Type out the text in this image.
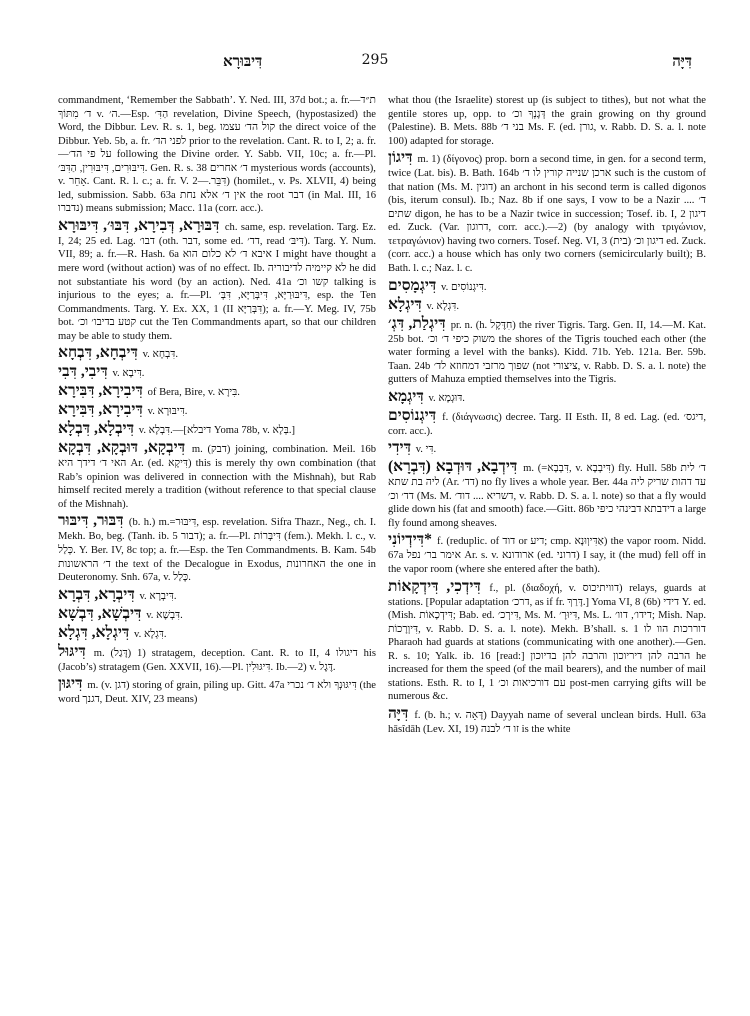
דִּיבּוּרָא	295	דִּיָּה

commandment, ‘Remember the Sabbath’. Y. Ned. III, 37d bot.; a. fr.—‎ת״ד‎ מִתּוֹךְ‎ ד׳‎ v. ‎ה׳.—Esp. הַדִּ׳ revelation, Divine Speech, (hypostasized) the Word, the Dibbur. Lev. R. s. 1, beg. קול הד׳ עצמו the direct voice of the Dibbur. Yeb. 5b, a. fr. לפני הד׳ prior to the revelation. Cant. R. to I, 2; a. fr.—על פי הד׳ following the Divine order. Y. Sabb. VII, 10c; a. fr.—Pl. דִּיבּוּרִים, דִּיבּוּרִין, הַדִּבּ׳. Gen. R. s. 38 ד׳ אחרים mysterious words (accounts), v. אָחֵר. Cant. R. l. c.; a. fr. V. דִּבֵּר.—2) (homilet., v. Ps. XLVII, 4) being led, submission. Sabb. 63a אין ד׳ אלא נחת the root דבר (in Mal. III, 16 נדברו) means submission; Macc. 11a (corr. acc.).

דִּבּוּרָא, דְּבִירָא, דִּבּוּ׳, דִּיבּוּרָא ch. same, esp. revelation. Targ. Ez. I, 24; 25 ed. Lag. דבו׳ (oth. דבר, some ed. דד׳, read דִּיבּ׳). Targ. Y. Num. VII, 89; a. fr.—R. Hash. 6a איבא ד׳ לא כלום הוא I might have thought a mere word (without action) was of no effect. Ib. לא קיימיה לדיבוריה he did not substantiate his word (by an action). Ned. 41a קשו וכ׳ talking is injurious to the eyes; a. fr.—Pl. דִּיבּוּרַיָּא, דִּיבְּרַיָּא, דִּבְּ׳, esp. the Ten Commandments. Targ. Y. Ex. XX, 1 (II דִּבְּרַיָּא); a. fr.—Y. Meg. IV, 75b bot. קטע בדיבו׳ וכ׳ cut the Ten Commandments apart, so that our children may be able to study them.

דִּיבְחָא, דִּבְחָא v. דִּבְחָא.

דִּיבִי, דִּבִי v. דִּיבָא.

דִּיבִירָא, דִּבִּירָא of Bera, Bire, v. בִּירָא.

דִּיבִירָא, דִּבִּירָא v. דִּיבּוּרָא.

דִּיבְלָא, דִּבְלָא v. דִּבְלָא.—[דיבלא Yoma 78b, v. בְּלָא.]

דִּיבְקָא, דּוּבְקָא, דִּבְקָא m. (דבק) joining, combination. Meil. 16b האי ד׳ דידך היא Ar. (ed. דִּיקָא) this is merely thy own combination (that Rab’s opinion was delivered in connection with the Mishnah), but Rab himself recited merely a tradition (without reference to that special clause of the Mishnah).

דִּבּוּר, דִּיבּוּר (b. h.) m.=דִּיבּוּר, esp. revelation. Sifra Thazr., Neg., ch. I. Mekh. Bo, beg. (Tanh. ib. 5 דבור); a. fr.—Pl. דִּיבְּרוֹת (fem.). Mekh. l. c., v. כְּלַל. Y. Ber. IV, 8c top; a. fr.—Esp. the Ten Commandments. B. Kam. 54b ד׳ הראשונות the text of the Decalogue in Exodus, האחרונות the one in Deuteronomy. Snh. 67a, v. כָּלַל.

דִּיבְרָא, דִּבְרָא v. דִּיבְרָא.

דִּיבְשָׁא, דִּבְשָׁא v. דִּבְשָׁא.

דִּיגְלָא, דִּגְלָא v. דִּגְלָא.

דִּיגּוּל m. (דָּגַל) 1) stratagem, deception. Cant. R. to II, 4 דיגולו his (Jacob’s) stratagem (Gen. XXVII, 16).—Pl. דִּיגּוּלִין. Ib.—2) v. דֶּגֶל.

דִּיגּוּן m. (v. דגן) storing of grain, piling up. Gitt. 47a דִּיגּוּנְךָ ולא ד׳ נכרי (the word דגנך, Deut. XIV, 23 means)

what thou (the Israelite) storest up (is subject to tithes), but not what the gentile stores up, opp. to דְּגָנְךָ וכ׳ the grain growing on thy ground (Palestine). B. Mets. 88b בני ד׳ Ms. F. (ed. גורן, v. Rabb. D. S. a. l. note 100) adapted for storage.

דִּיגוֹן m. 1) (δίγονος) prop. born a second time, in gen. for a second term, twice (Lat. bis). B. Bath. 164b ארכן שנייה קורין לו ד׳ such is the custom of that nation (Ms. M. דוגין) an archont in his second term is called digonos (bis, iterum consul). Ib.; Naz. 8b if one says, I vow to be a Nazir .... ד׳ שתים digon, he has to be a Nazir twice in succession; Tosef. ib. I, 2 דיגון ed. Zuck. (Var. דרוגון, corr. acc.).—2) (by analogy with τριγώνιον, τετραγώνιον) having two corners. Tosef. Neg. VI, 3 (בית) דיגון וכ׳ ed. Zuck. (corr. acc.) a house which has only two corners (semicircularly built); B. Bath. l. c.; Naz. l. c.

דִּיגְמָסִים v. דִּיגְנוֹסִים.

דִּיגְלָא v. דִּגְלָא.

דִּיגְלַת, דִּגְ׳ pr. n. (h. חִדֶּקֶל) the river Tigris. Targ. Gen. II, 14.—M. Kat. 25b bot. משוק כיפי ד׳ וכ׳ the shores of the Tigris touched each other (the water forming a level with the banks). Kidd. 71b. Yeb. 121a. Ber. 59b. Taan. 24b שפוך מרזבי דמחוזא לד׳ (not ציצורי, v. Rabb. D. S. a. l. note) the gutters of Mahuza emptied themselves into the Tigris.

דִּיגְמָא v. דּוּגְמָא.

דִּיגְנוֹסִים f. (διάγνωσις) decree. Targ. II Esth. II, 8 ed. Lag. (ed. דיגס׳, corr. acc.).

דִּידִי v. דִּי.

דִּידְבָא, דּוּדְבָא (דִּבְרָא) m. (=דִּבְבָא, v. דִּיבְבָא) fly. Hull. 58b ד׳ לית ליה בת שתא (Ar. דד׳) no fly lives a whole year. Ber. 44a עד דהות שריק ליה דד׳ וכ׳ (Ms. M. דשריא .... דוד׳, v. Rabb. D. S. a. l. note) so that a fly would glide down his (fat and smooth) face.—Gitt. 86b דידבתא דבינהי כיפי a large fly found among sheaves.

*דִּידְיוֹנִי f. (reduplic. of דוד or דיע; cmp. אַדִּיוְוּנָא) the vapor room. Nidd. 67a אימר בר׳ נפל Ar. s. v. ארודונא (ed. דרוני) I say, it (the mud) fell off in the vapor room (where she entered after the bath).

דִּידְכִי, דִּידְקָאוֹת f., pl. (διαδοχή, v. דוויתיכוס) relays, guards at stations. [Popular adaptation דרכ׳, as if fr. דָּרַךְ.] Yoma VI, 8 (6b) דידי Y. ed. (Mish. דִּידְכָאוֹת; Bab. ed. דִּירְכ׳, Ms. M. דִּיוּרָ׳, Ms. L. דידו׳, דוו׳; Mish. Nap. דִּיוְרָכוֹת, v. Rabb. D. S. a. l. note). Mekh. B’shall. s. 1 דוררכות הוו לו Pharaoh had guards at stations (communicating with one another).—Gen. R. s. 10; Yalk. ib. 16 [read:] הרבה להן דיריוכון והרבה להן בדיוכון he increased for them the speed (of the mail bearers), and the number of mail stations. Esth. R. to I, 1 עם דורכיאות וכ׳ post-men carrying gifts will be numerous &c.

דִּיָּה f. (b. h.; v. דָּאָה) Dayyah name of several unclean birds. Hull. 63a hāsîdāh (Lev. XI, 19) זו ד׳ לבנה is the white
